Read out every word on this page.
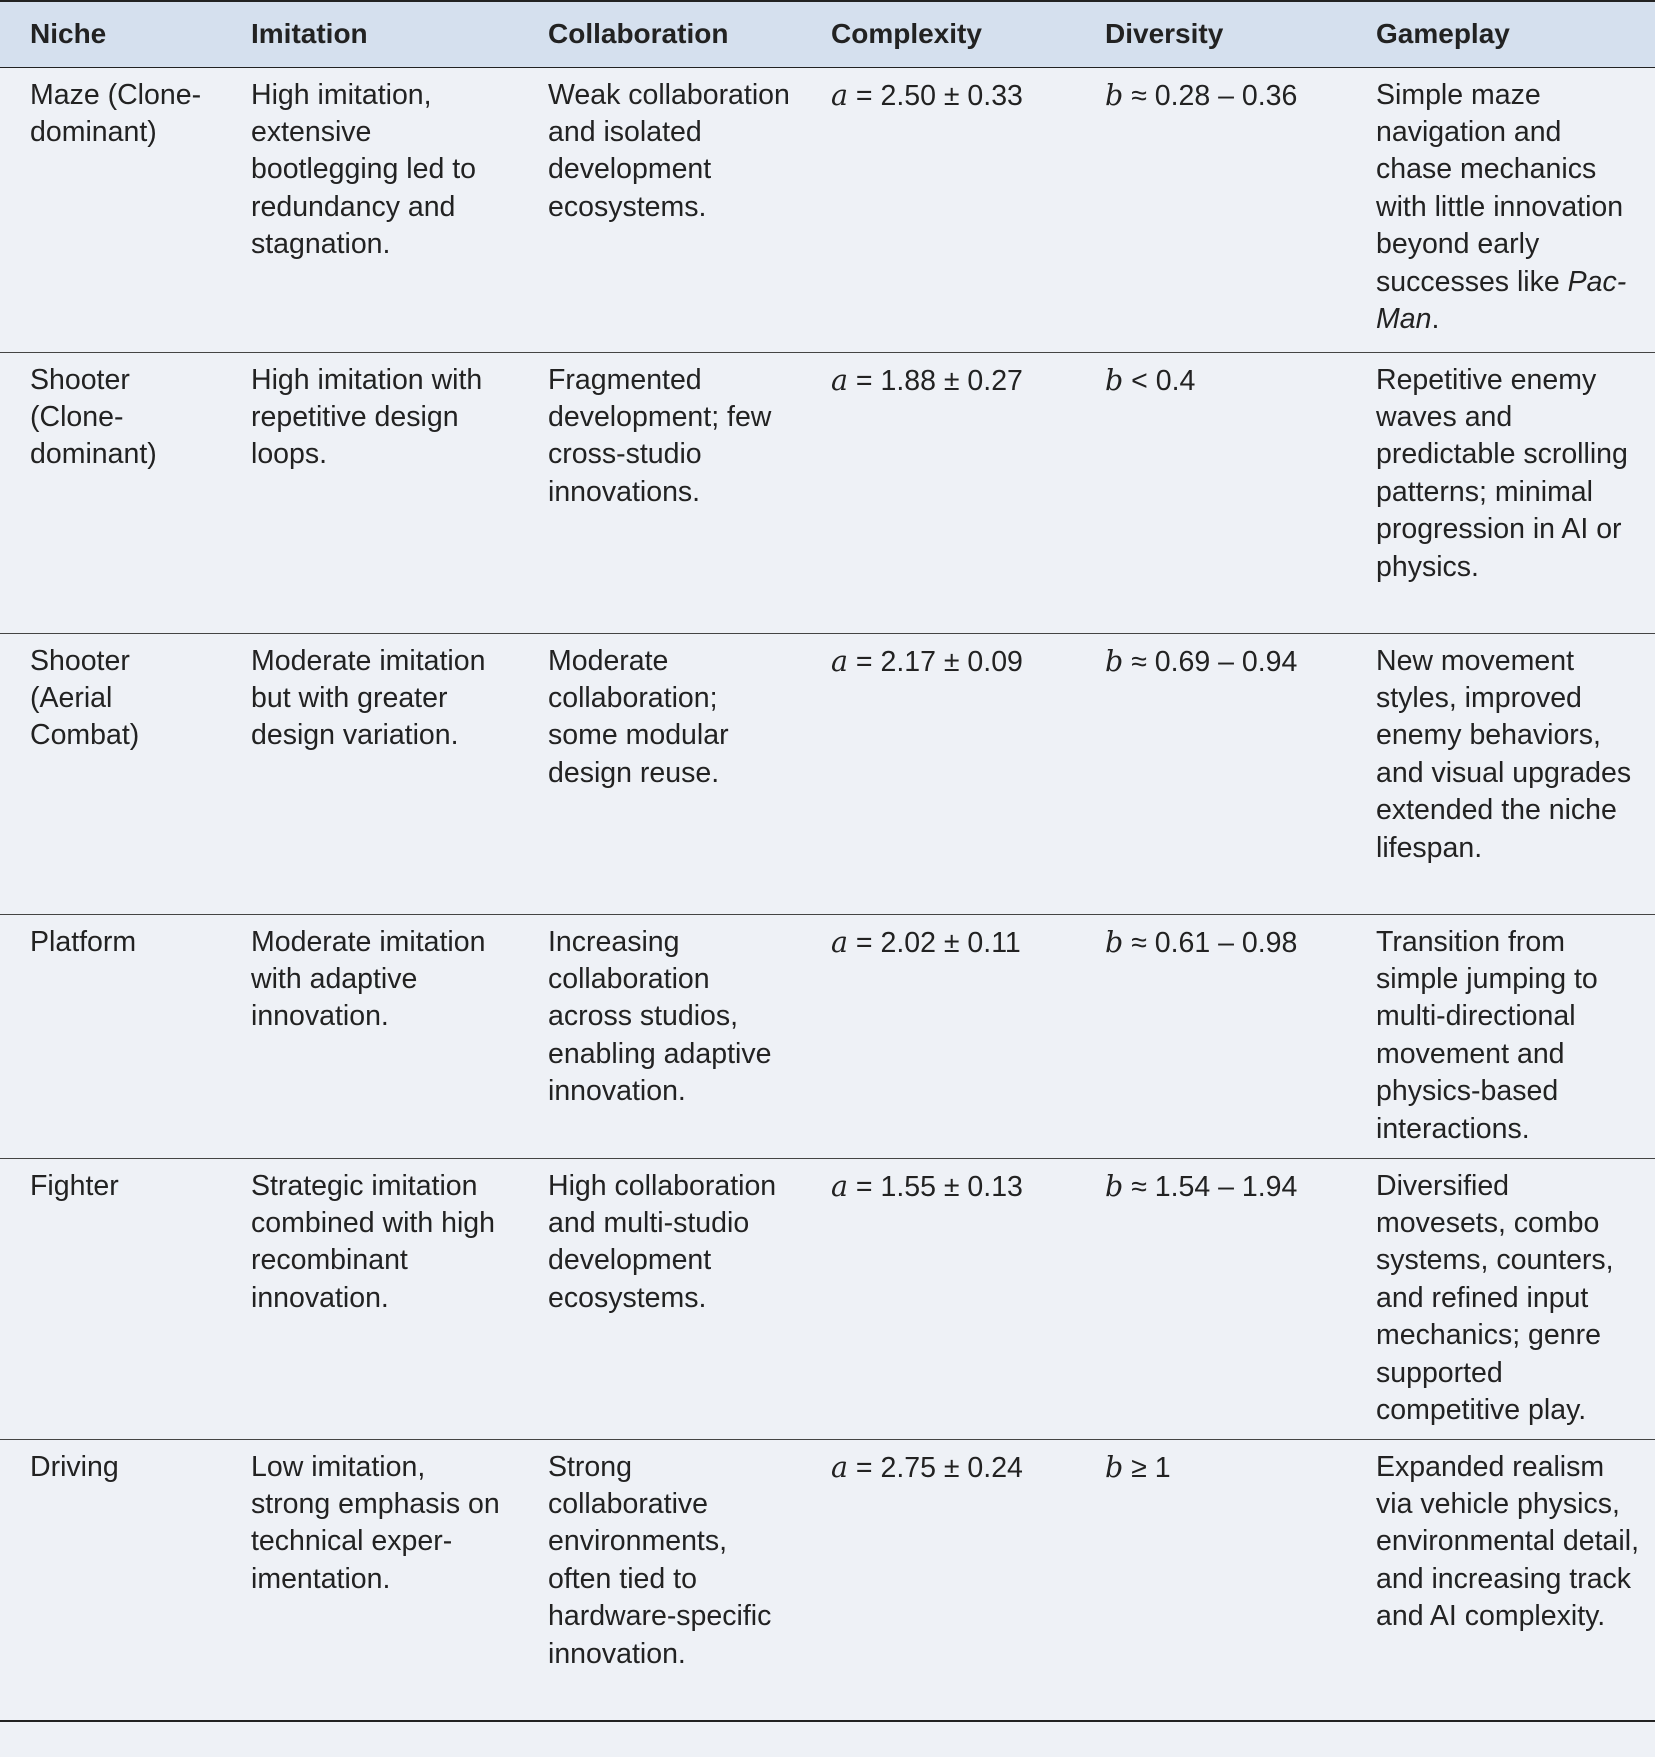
Niche	Imitation	Collaboration	Complexity	Diversity	Gameplay
Maze (Clone-dominant)	High imitation, extensive bootlegging led to redundancy and stagnation.	Weak collaboration and isolated development ecosystems.	a = 2.50 ± 0.33	b ≈ 0.28 – 0.36	Simple maze navigation and chase mechanics with little innovation beyond early successes like Pac-Man.
Shooter (Clone-dominant)	High imitation with repetitive design loops.	Fragmented development; few cross-studio innovations.	a = 1.88 ± 0.27	b < 0.4	Repetitive enemy waves and predictable scrolling patterns; minimal progression in AI or physics.
Shooter (Aerial Combat)	Moderate imitation but with greater design variation.	Moderate collaboration; some modular design reuse.	a = 2.17 ± 0.09	b ≈ 0.69 – 0.94	New movement styles, improved enemy behaviors, and visual upgrades extended the niche lifespan.
Platform	Moderate imitation with adaptive innovation.	Increasing collaboration across studios, enabling adaptive innovation.	a = 2.02 ± 0.11	b ≈ 0.61 – 0.98	Transition from simple jumping to multi-directional movement and physics-based interactions.
Fighter	Strategic imitation combined with high recombinant innovation.	High collaboration and multi-studio development ecosystems.	a = 1.55 ± 0.13	b ≈ 1.54 – 1.94	Diversified movesets, combo systems, counters, and refined input mechanics; genre supported competitive play.
Driving	Low imitation, strong emphasis on technical exper-imentation.	Strong collaborative environments, often tied to hardware-specific innovation.	a = 2.75 ± 0.24	b ≥ 1	Expanded realism via vehicle physics, environmental detail, and increasing track and AI complexity.
